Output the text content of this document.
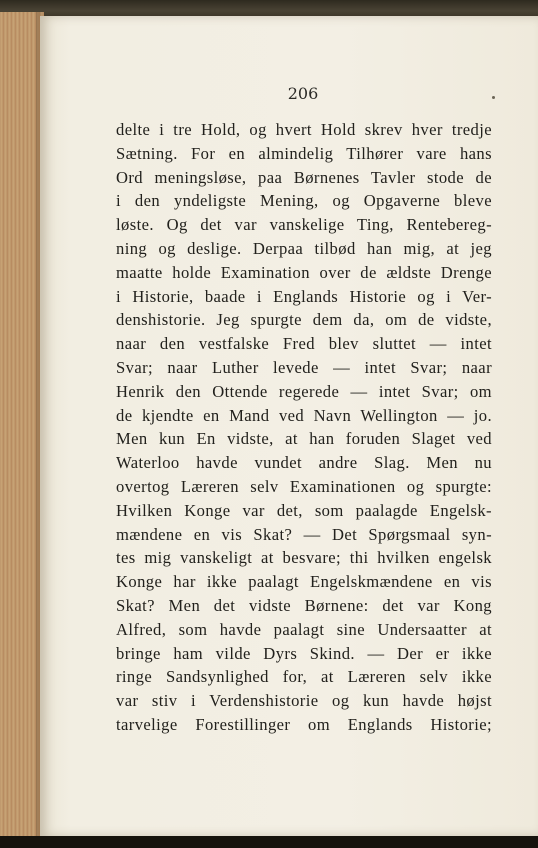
206
delte i tre Hold, og hvert Hold skrev hver tredje
Sætning. For en almindelig Tilhører vare hans
Ord meningsløse, paa Børnenes Tavler stode de
i den yndeligste Mening, og Opgaverne bleve
løste. Og det var vanskelige Ting, Rentebereg-
ning og deslige. Derpaa tilbød han mig, at jeg
maatte holde Examination over de ældste Drenge
i Historie, baade i Englands Historie og i Ver-
denshistorie. Jeg spurgte dem da, om de vidste,
naar den vestfalske Fred blev sluttet — intet
Svar; naar Luther levede — intet Svar; naar
Henrik den Ottende regerede — intet Svar; om
de kjendte en Mand ved Navn Wellington — jo.
Men kun En vidste, at han foruden Slaget ved
Waterloo havde vundet andre Slag. Men nu
overtog Læreren selv Examinationen og spurgte:
Hvilken Konge var det, som paalagde Engelsk-
mændene en vis Skat? — Det Spørgsmaal syn-
tes mig vanskeligt at besvare; thi hvilken engelsk
Konge har ikke paalagt Engelskmændene en vis
Skat? Men det vidste Børnene: det var Kong
Alfred, som havde paalagt sine Undersaatter at
bringe ham vilde Dyrs Skind. — Der er ikke
ringe Sandsynlighed for, at Læreren selv ikke
var stiv i Verdenshistorie og kun havde højst
tarvelige Forestillinger om Englands Historie;
